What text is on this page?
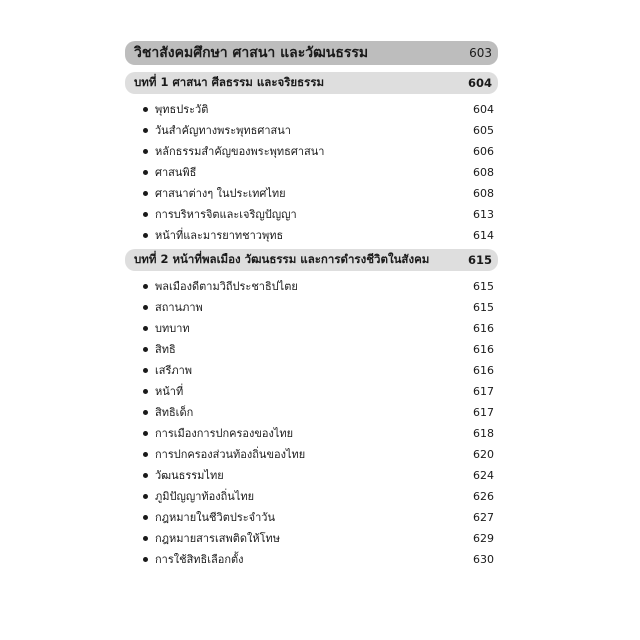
วิชาสังคมศึกษา ศาสนา และวัฒนธรรม	603
บทที่ 1 ศาสนา ศีลธรรม และจริยธรรม	604
พุทธประวัติ	604
วันสำคัญทางพระพุทธศาสนา	605
หลักธรรมสำคัญของพระพุทธศาสนา	606
ศาสนพิธี	608
ศาสนาต่างๆ ในประเทศไทย	608
การบริหารจิตและเจริญปัญญา	613
หน้าที่และมารยาทชาวพุทธ	614
บทที่ 2 หน้าที่พลเมือง วัฒนธรรม และการดำรงชีวิตในสังคม	615
พลเมืองดีตามวิถีประชาธิปไตย	615
สถานภาพ	615
บทบาท	616
สิทธิ	616
เสรีภาพ	616
หน้าที่	617
สิทธิเด็ก	617
การเมืองการปกครองของไทย	618
การปกครองส่วนท้องถิ่นของไทย	620
วัฒนธรรมไทย	624
ภูมิปัญญาท้องถิ่นไทย	626
กฎหมายในชีวิตประจำวัน	627
กฎหมายสารเสพติดให้โทษ	629
การใช้สิทธิเลือกตั้ง	630
